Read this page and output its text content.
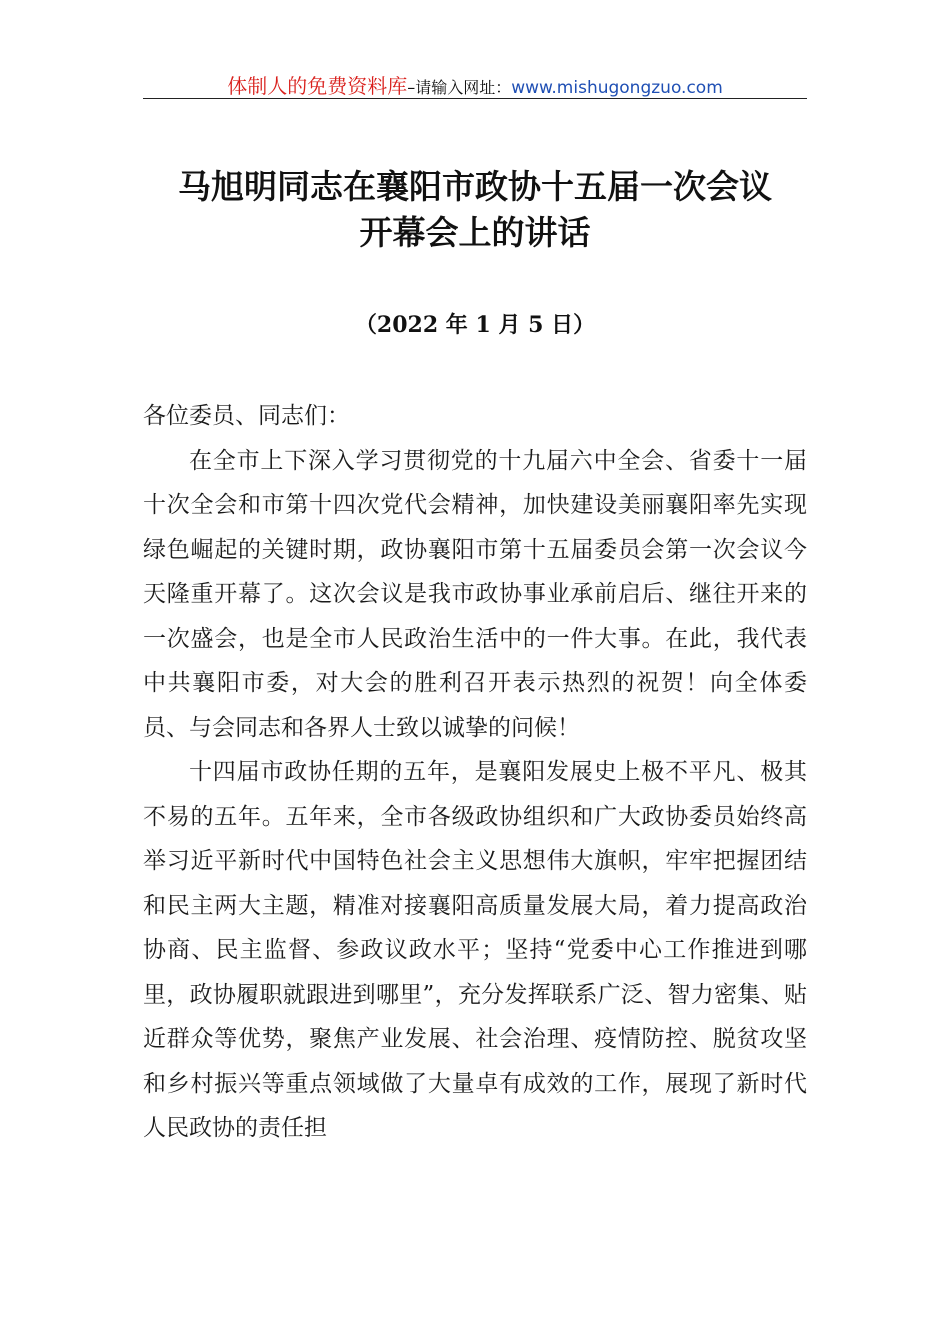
体制人的免费资料库–请输入网址：www.mishugongzuo.com
马旭明同志在襄阳市政协十五届一次会议
开幕会上的讲话
（2022 年 1 月 5 日）

各位委员、同志们：

在全市上下深入学习贯彻党的十九届六中全会、省委十一届十次全会和市第十四次党代会精神，加快建设美丽襄阳率先实现绿色崛起的关键时期，政协襄阳市第十五届委员会第一次会议今天隆重开幕了。这次会议是我市政协事业承前启后、继往开来的一次盛会，也是全市人民政治生活中的一件大事。在此，我代表中共襄阳市委，对大会的胜利召开表示热烈的祝贺！向全体委员、与会同志和各界人士致以诚挚的问候！

十四届市政协任期的五年，是襄阳发展史上极不平凡、极其不易的五年。五年来，全市各级政协组织和广大政协委员始终高举习近平新时代中国特色社会主义思想伟大旗帜，牢牢把握团结和民主两大主题，精准对接襄阳高质量发展大局，着力提高政治协商、民主监督、参政议政水平；坚持“党委中心工作推进到哪里，政协履职就跟进到哪里”，充分发挥联系广泛、智力密集、贴近群众等优势，聚焦产业发展、社会治理、疫情防控、脱贫攻坚和乡村振兴等重点领域做了大量卓有成效的工作，展现了新时代人民政协的责任担
